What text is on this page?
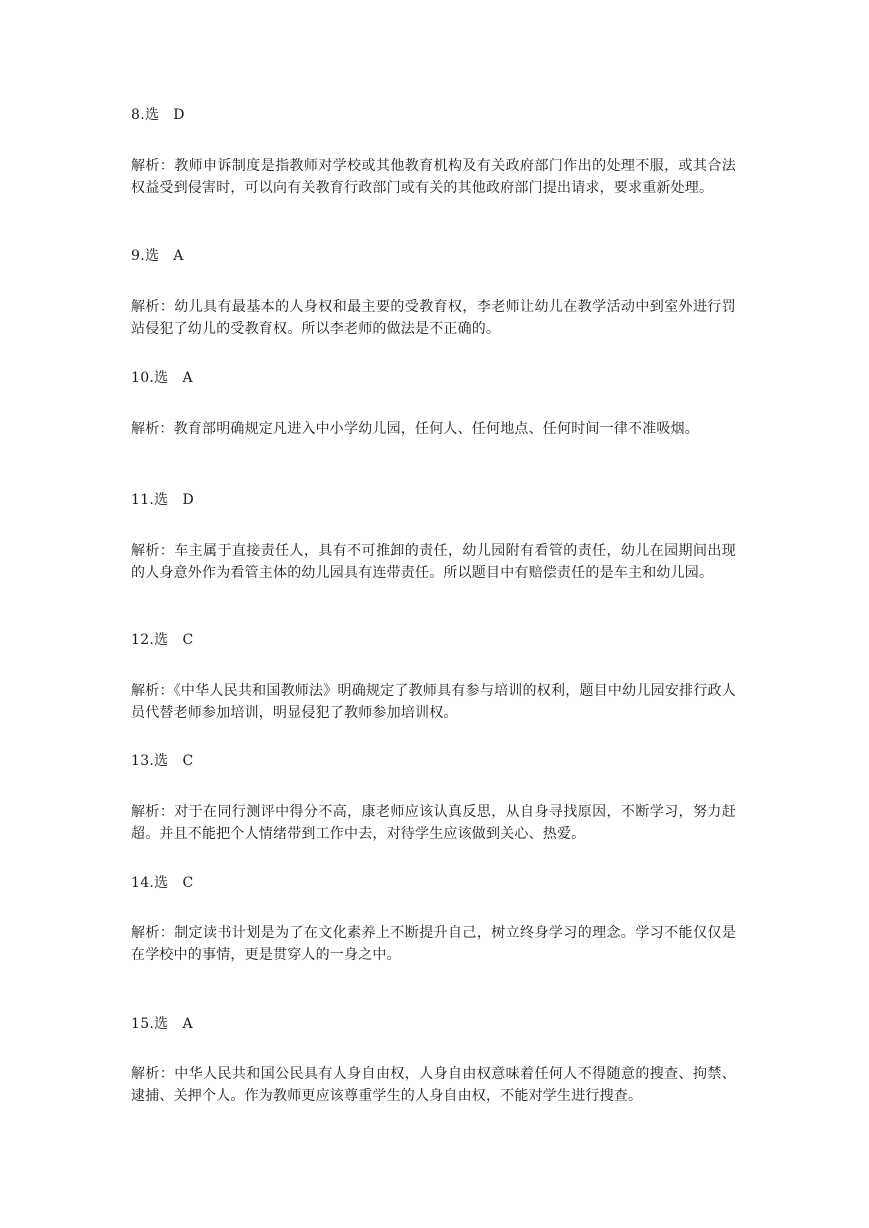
8.选 D
解析：教师申诉制度是指教师对学校或其他教育机构及有关政府部门作出的处理不服，或其合法权益受到侵害时，可以向有关教育行政部门或有关的其他政府部门提出请求，要求重新处理。
9.选 A
解析：幼儿具有最基本的人身权和最主要的受教育权，李老师让幼儿在教学活动中到室外进行罚站侵犯了幼儿的受教育权。所以李老师的做法是不正确的。
10.选 A
解析：教育部明确规定凡进入中小学幼儿园，任何人、任何地点、任何时间一律不准吸烟。
11.选 D
解析：车主属于直接责任人，具有不可推卸的责任，幼儿园附有看管的责任，幼儿在园期间出现的人身意外作为看管主体的幼儿园具有连带责任。所以题目中有赔偿责任的是车主和幼儿园。
12.选 C
解析：《中华人民共和国教师法》明确规定了教师具有参与培训的权利，题目中幼儿园安排行政人员代替老师参加培训，明显侵犯了教师参加培训权。
13.选 C
解析：对于在同行测评中得分不高，康老师应该认真反思，从自身寻找原因，不断学习，努力赶超。并且不能把个人情绪带到工作中去，对待学生应该做到关心、热爱。
14.选 C
解析：制定读书计划是为了在文化素养上不断提升自己，树立终身学习的理念。学习不能仅仅是在学校中的事情，更是贯穿人的一身之中。
15.选 A
解析：中华人民共和国公民具有人身自由权，人身自由权意味着任何人不得随意的搜查、拘禁、逮捕、关押个人。作为教师更应该尊重学生的人身自由权，不能对学生进行搜查。
